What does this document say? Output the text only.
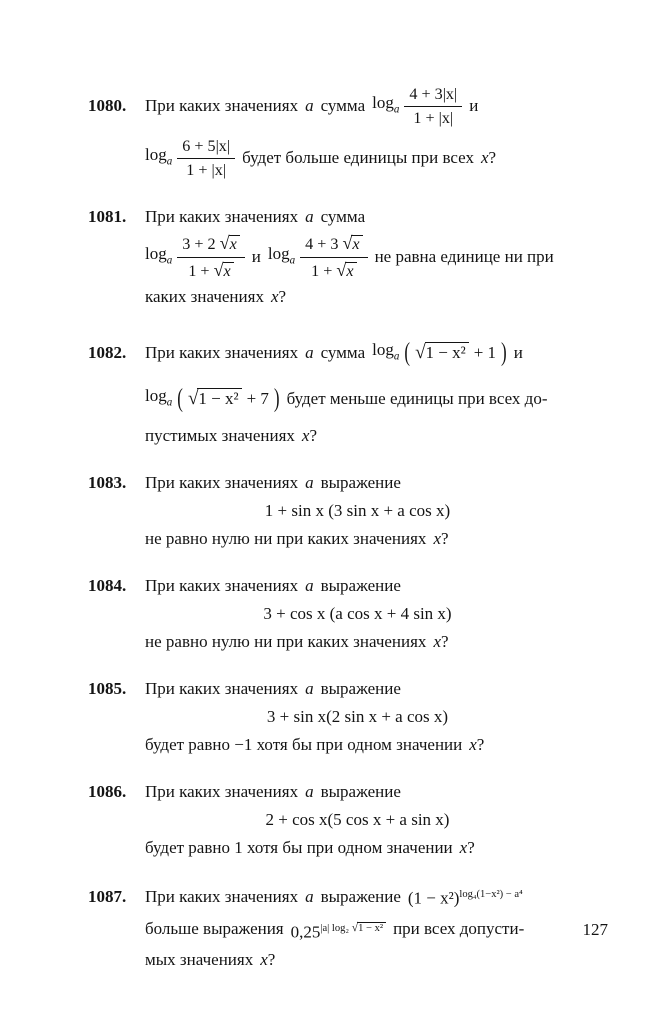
1080.	При каких значениях a сумма $\log_a \frac{4 + 3|x|}{1 + |x|}$ и
$\log_a \frac{6 + 5|x|}{1 + |x|}$ будет больше единицы при всех x?
1081.	При каких значениях a сумма
$\log_a \frac{3 + 2 √x}{1 + √x}$ и $\log_a \frac{4 + 3 √x}{1 + √x}$ не равна единице ни при
каких значениях x?
1082.	При каких значениях a сумма $\log_a$ ( √1 − x² + 1 ) и
$\log_a$ ( √1 − x² + 7 ) будет меньше единицы при всех до-
пустимых значениях x?
1083.	При каких значениях a выражение
1 + sin x (3 sin x + a cos x)
не равно нулю ни при каких значениях x?
1084.	При каких значениях a выражение
3 + cos x (a cos x + 4 sin x)
не равно нулю ни при каких значениях x?
1085.	При каких значениях a выражение
3 + sin x(2 sin x + a cos x)
будет равно −1 хотя бы при одном значении x?
1086.	При каких значениях a выражение
2 + cos x(5 cos x + a sin x)
будет равно 1 хотя бы при одном значении x?
1087.	При каких значениях a выражение $(1 - x^2)^{log_4(1-x^2) - a^4}$
больше выражения $0,25^{|a| log_2 √1 - x^2}$ при всех допусти-
мых значениях x?
127
